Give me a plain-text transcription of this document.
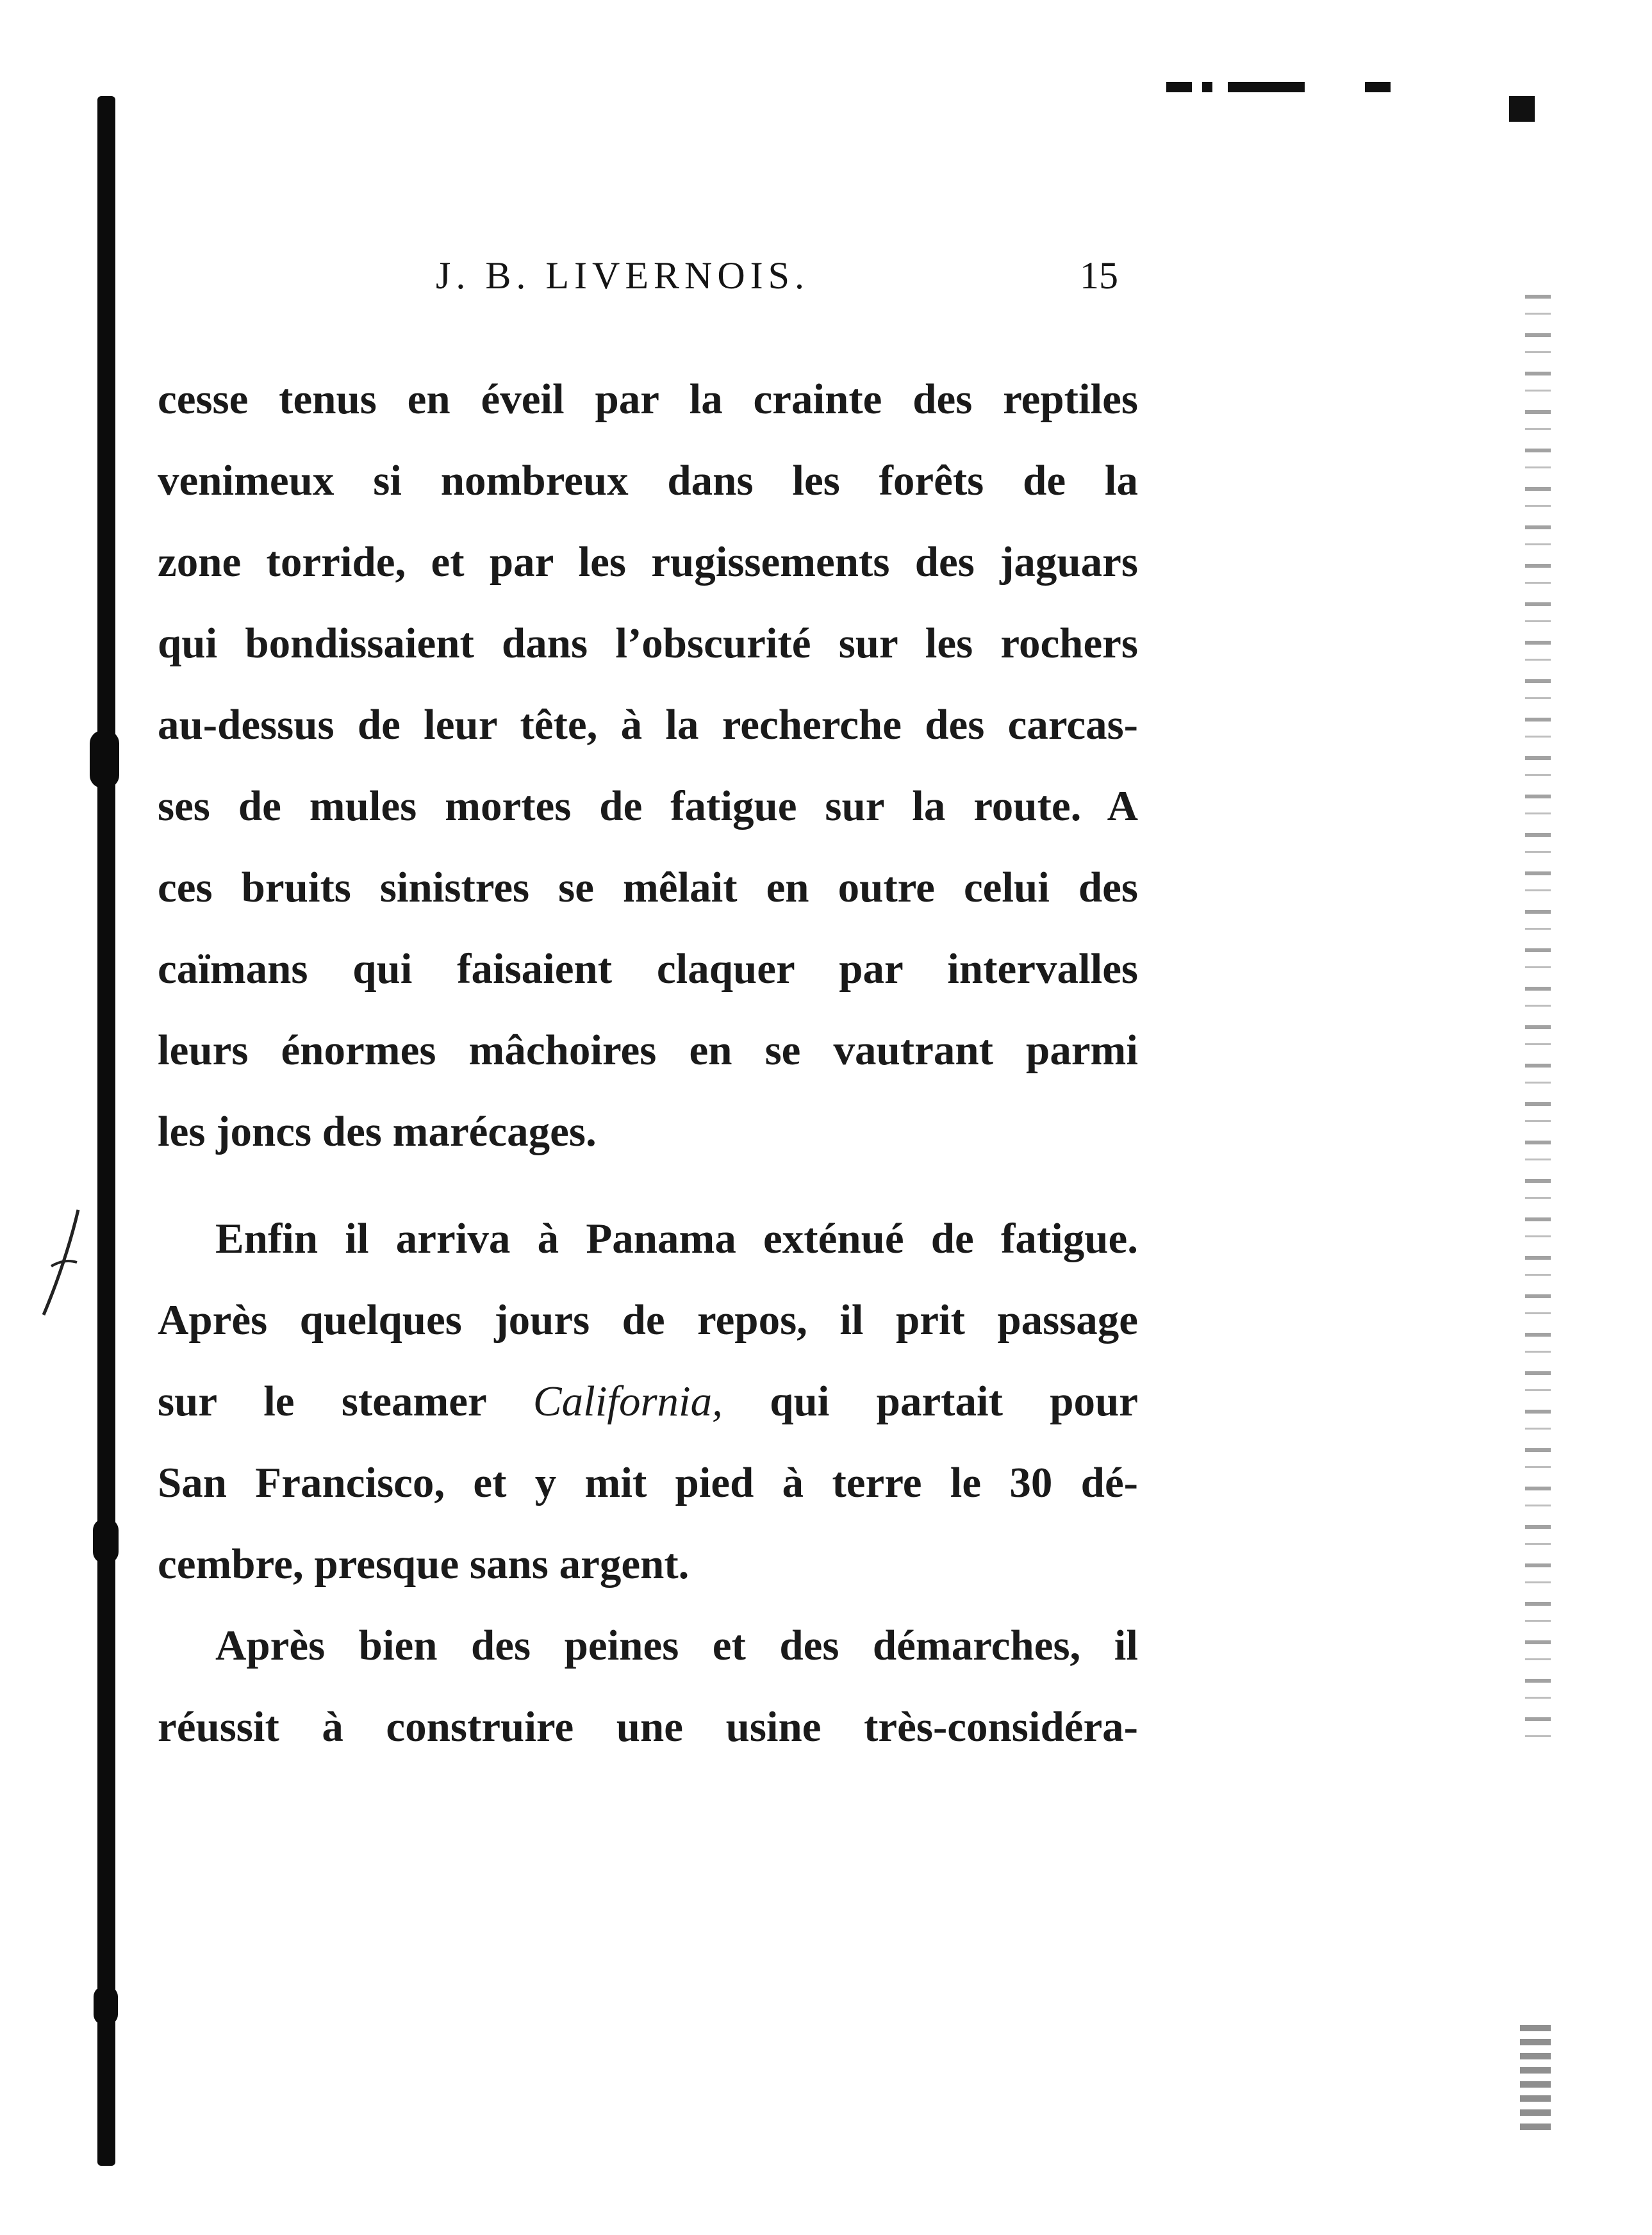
J. B. LIVERNOIS.	15
cesse tenus en éveil par la crainte des reptiles
venimeux si nombreux dans les forêts de la
zone torride, et par les rugissements des jaguars
qui bondissaient dans l’obscurité sur les rochers
au-dessus de leur tête, à la recherche des carcas-
ses de mules mortes de fatigue sur la route. A
ces bruits sinistres se mêlait en outre celui des
caïmans qui faisaient claquer par intervalles
leurs énormes mâchoires en se vautrant parmi
les joncs des marécages.
Enfin il arriva à Panama exténué de fatigue.
Après quelques jours de repos, il prit passage
sur le steamer California, qui partait pour
San Francisco, et y mit pied à terre le 30 dé-
cembre, presque sans argent.
Après bien des peines et des démarches, il
réussit à construire une usine très-considéra-
